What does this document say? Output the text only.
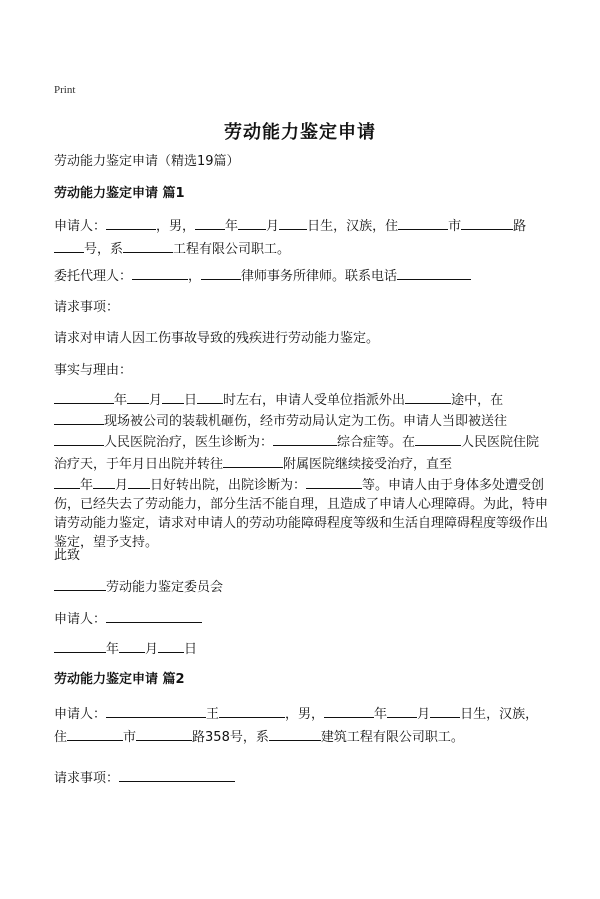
Print
劳动能力鉴定申请
劳动能力鉴定申请（精选19篇）
劳动能力鉴定申请 篇1
申请人：	，男， 年 月 日生，汉族，住	市	路
号，系	工程有限公司职工。
委托代理人：	，	律师事务所律师。联系电话
请求事项：
请求对申请人因工伤事故导致的残疾进行劳动能力鉴定。
事实与理由：
年 月 日 时左右，申请人受单位指派外出	途中，在
现场被公司的装载机砸伤，经市劳动局认定为工伤。申请人当即被送往
人民医院治疗，医生诊断为：	综合症等。在	人民医院住院治疗天，于年月日出院并转往	附属医院继续接受治疗，直至
年 月 日好转出院，出院诊断为：	等。申请人由于身体多处遭受创伤，已经失去了劳动能力，部分生活不能自理，且造成了申请人心理障碍。为此，特申请劳动能力鉴定，请求对申请人的劳动功能障碍程度等级和生活自理障碍程度等级作出鉴定，望予支持。
此致
劳动能力鉴定委员会
申请人：
年 月 日
劳动能力鉴定申请 篇2
申请人：	王	，男，	年 月 日生，汉族，住	市	路358号，系	建筑工程有限公司职工。
请求事项：
